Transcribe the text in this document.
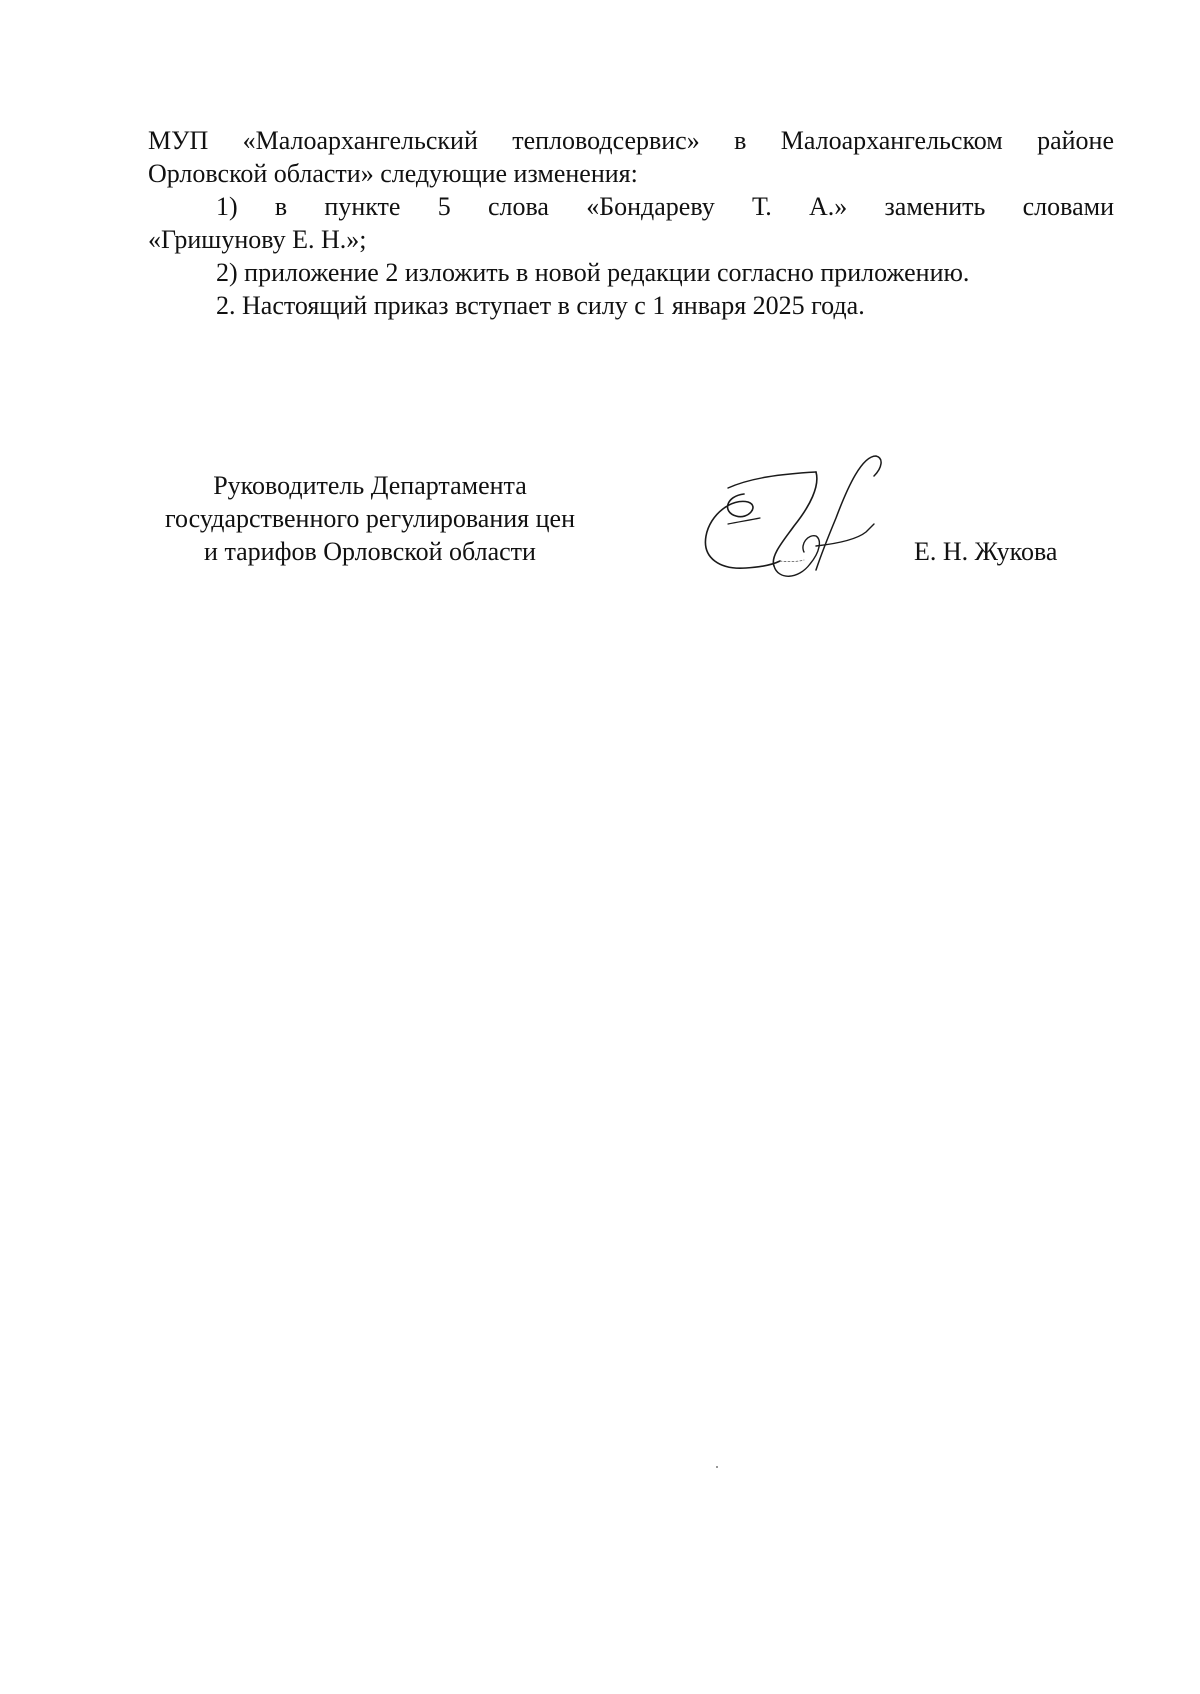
МУП «Малоархангельский тепловодсервис» в Малоархангельском районе

Орловской области» следующие изменения:

1) в пункте 5 слова «Бондареву Т. А.» заменить словами

«Гришунову Е. Н.»;

2) приложение 2 изложить в новой редакции согласно приложению.

2. Настоящий приказ вступает в силу с 1 января 2025 года.

Руководитель Департамента
государственного регулирования цен
и тарифов Орловской области	Е. Н. Жукова
